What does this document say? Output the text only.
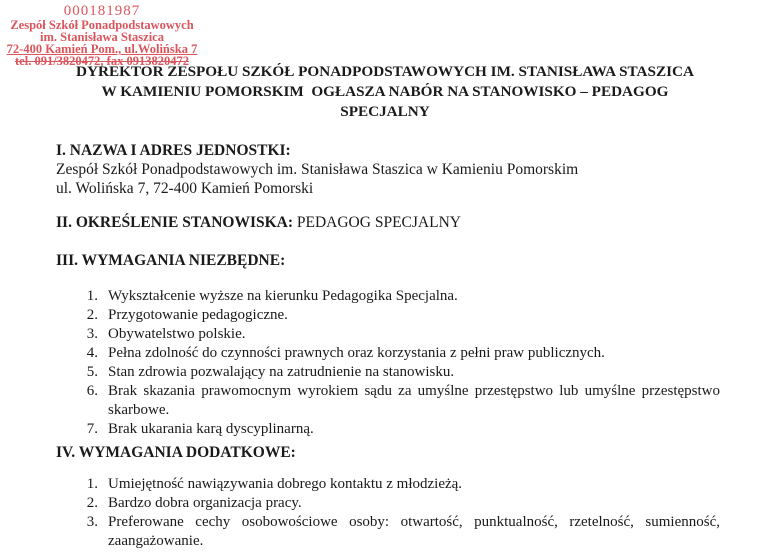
000181987
Zespół Szkół Ponadpodstawowych
im. Stanisława Staszica
72-400 Kamień Pom., ul.Wolińska 7
tel. 091/3820472, fax 0913820472
DYREKTOR ZESPOŁU SZKÓŁ PONADPODSTAWOWYCH IM. STANISŁAWA STASZICA
W KAMIENIU POMORSKIM  OGŁASZA NABÓR NA STANOWISKO – PEDAGOG
SPECJALNY
I. NAZWA I ADRES JEDNOSTKI:
Zespół Szkół Ponadpodstawowych im. Stanisława Staszica w Kamieniu Pomorskim
ul. Wolińska 7, 72-400 Kamień Pomorski
II. OKREŚLENIE STANOWISKA: PEDAGOG SPECJALNY
III. WYMAGANIA NIEZBĘDNE:
1. Wykształcenie wyższe na kierunku Pedagogika Specjalna.
2. Przygotowanie pedagogiczne.
3. Obywatelstwo polskie.
4. Pełna zdolność do czynności prawnych oraz korzystania z pełni praw publicznych.
5. Stan zdrowia pozwalający na zatrudnienie na stanowisku.
6. Brak skazania prawomocnym wyrokiem sądu za umyślne przestępstwo lub umyślne przestępstwo skarbowe.
7. Brak ukarania karą dyscyplinarną.
IV. WYMAGANIA DODATKOWE:
1. Umiejętność nawiązywania dobrego kontaktu z młodzieżą.
2. Bardzo dobra organizacja pracy.
3. Preferowane cechy osobowościowe osoby: otwartość, punktualność, rzetelność, sumienność, zaangażowanie.
